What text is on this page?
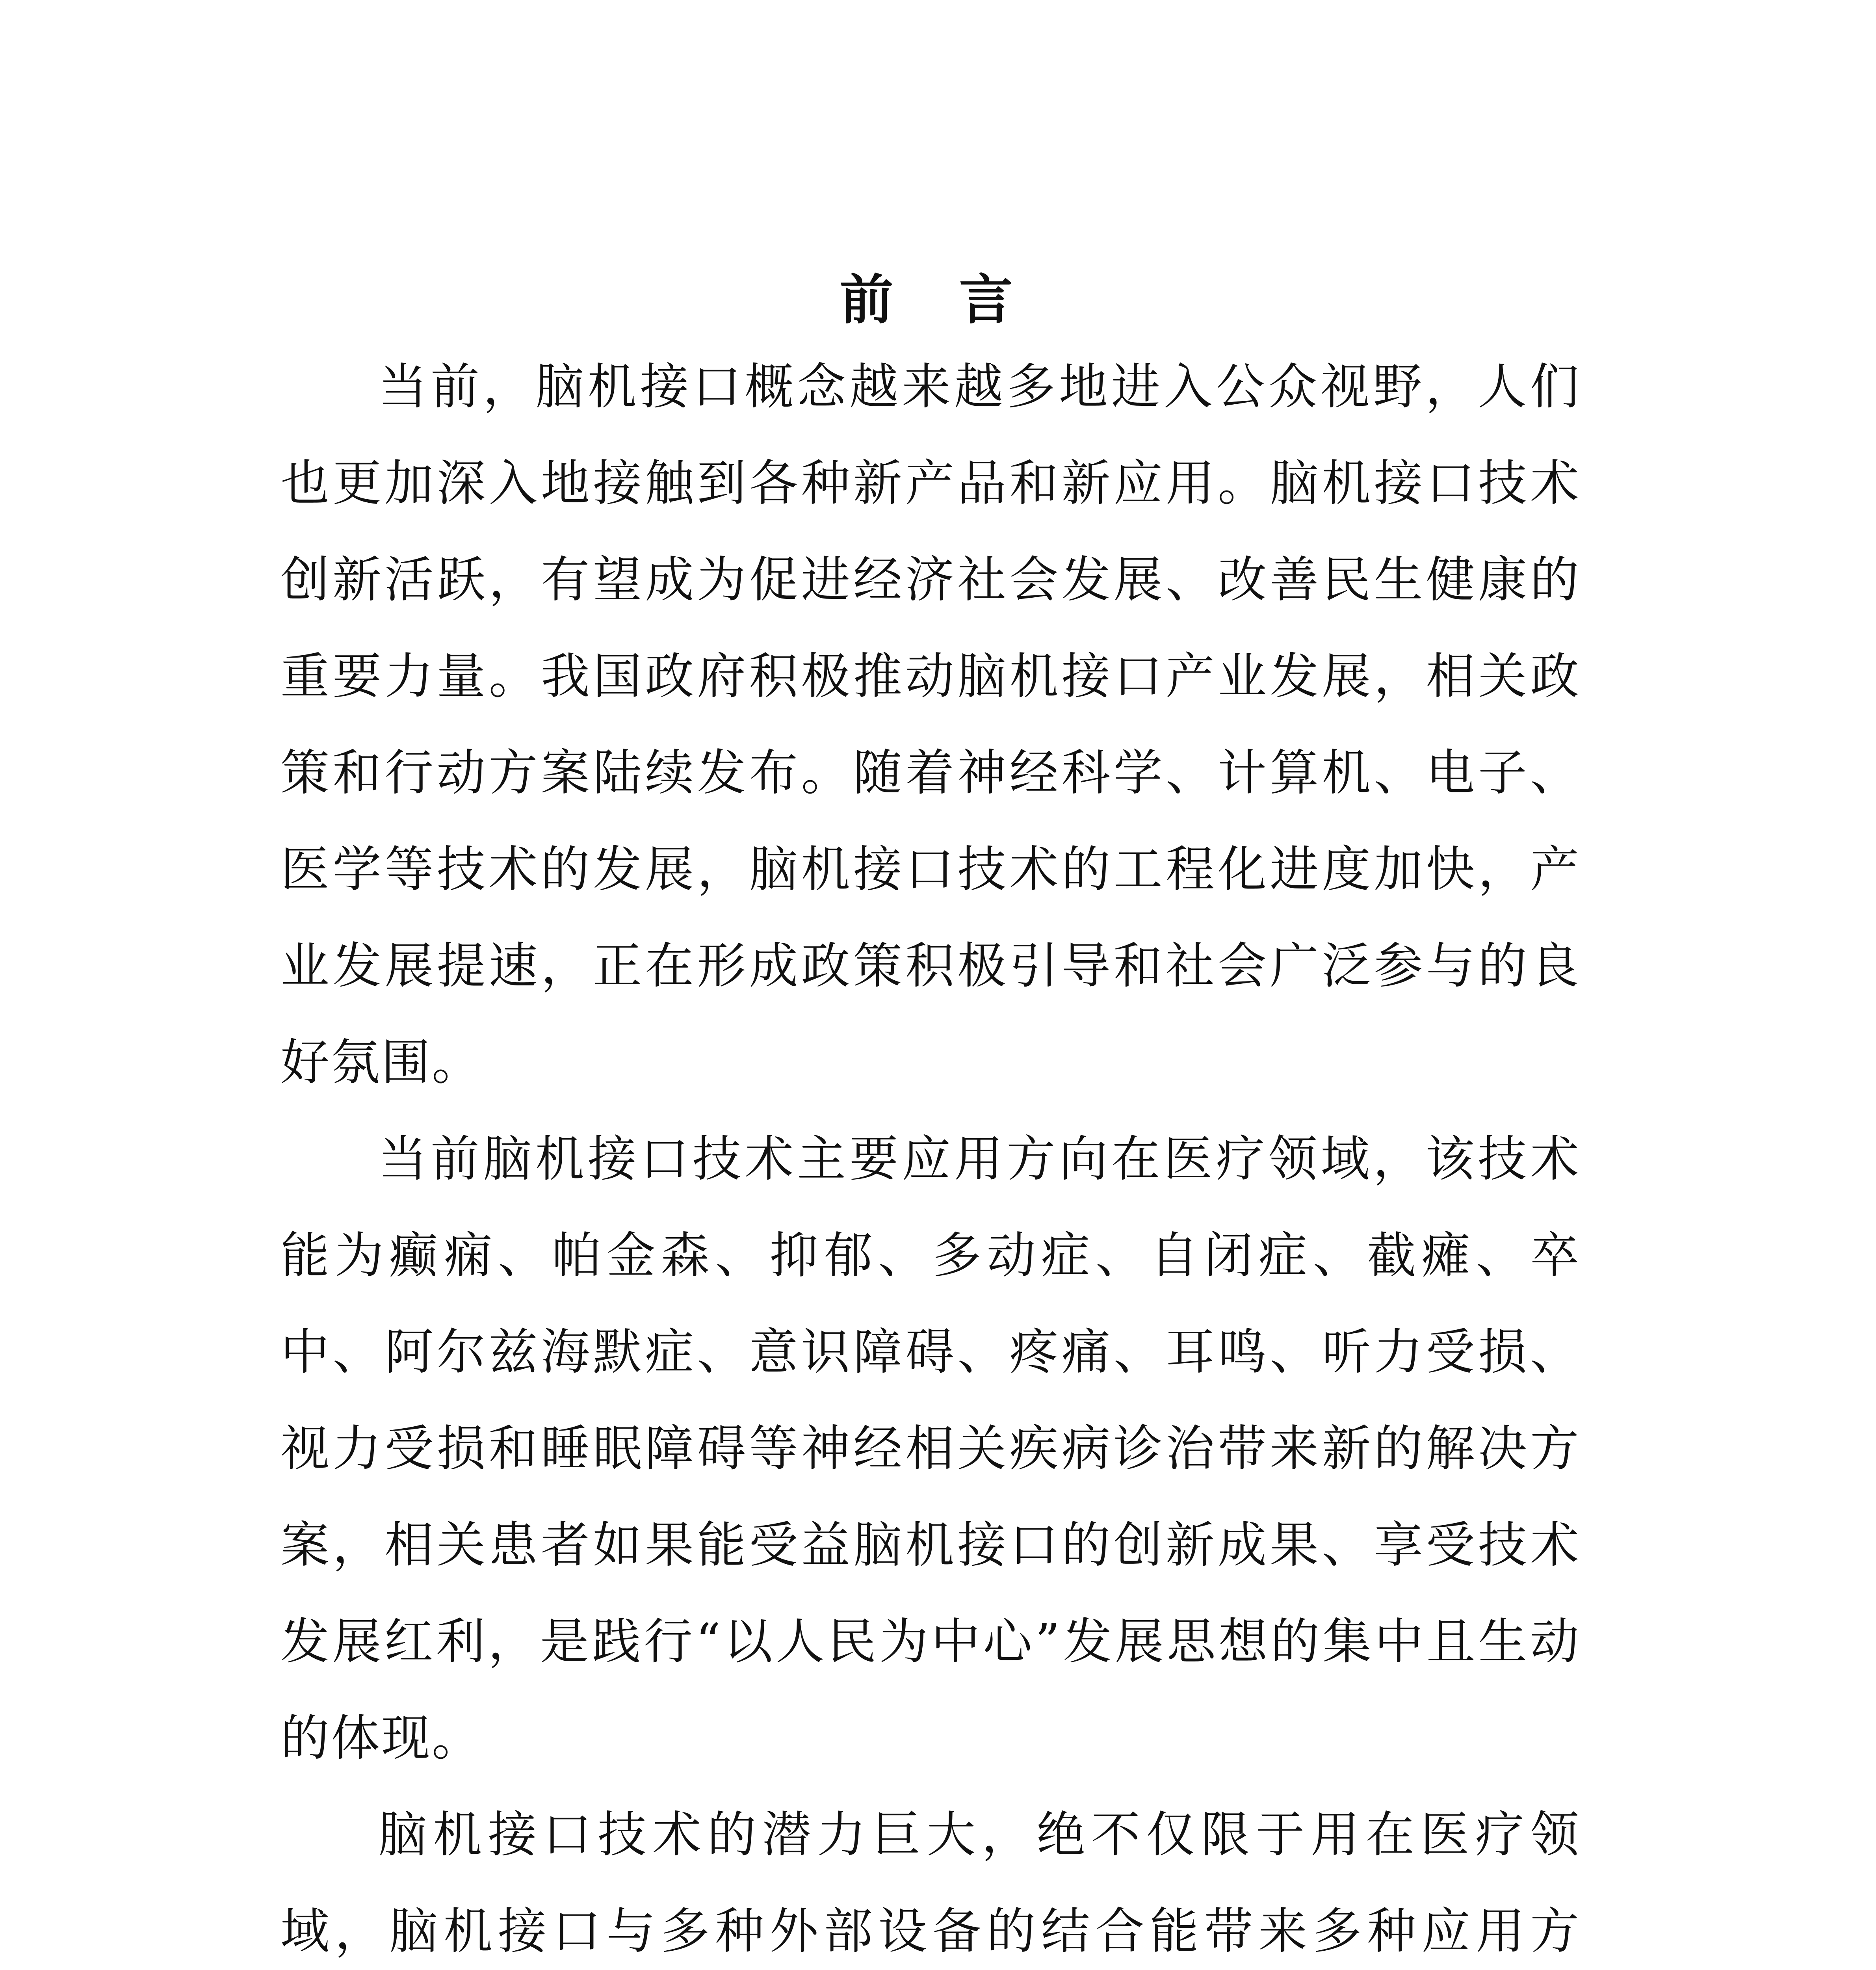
前 言

当前，脑机接口概念越来越多地进入公众视野，人们也更加深入地接触到各种新产品和新应用。脑机接口技术创新活跃，有望成为促进经济社会发展、改善民生健康的重要力量。我国政府积极推动脑机接口产业发展，相关政策和行动方案陆续发布。随着神经科学、计算机、电子、医学等技术的发展，脑机接口技术的工程化进度加快，产业发展提速，正在形成政策积极引导和社会广泛参与的良好氛围。

当前脑机接口技术主要应用方向在医疗领域，该技术能为癫痫、帕金森、抑郁、多动症、自闭症、截瘫、卒中、阿尔兹海默症、意识障碍、疼痛、耳鸣、听力受损、视力受损和睡眠障碍等神经相关疾病诊治带来新的解决方案，相关患者如果能受益脑机接口的创新成果、享受技术发展红利，是践行“以人民为中心”发展思想的集中且生动的体现。

脑机接口技术的潜力巨大，绝不仅限于用在医疗领域，脑机接口与多种外部设备的结合能带来多种应用方
